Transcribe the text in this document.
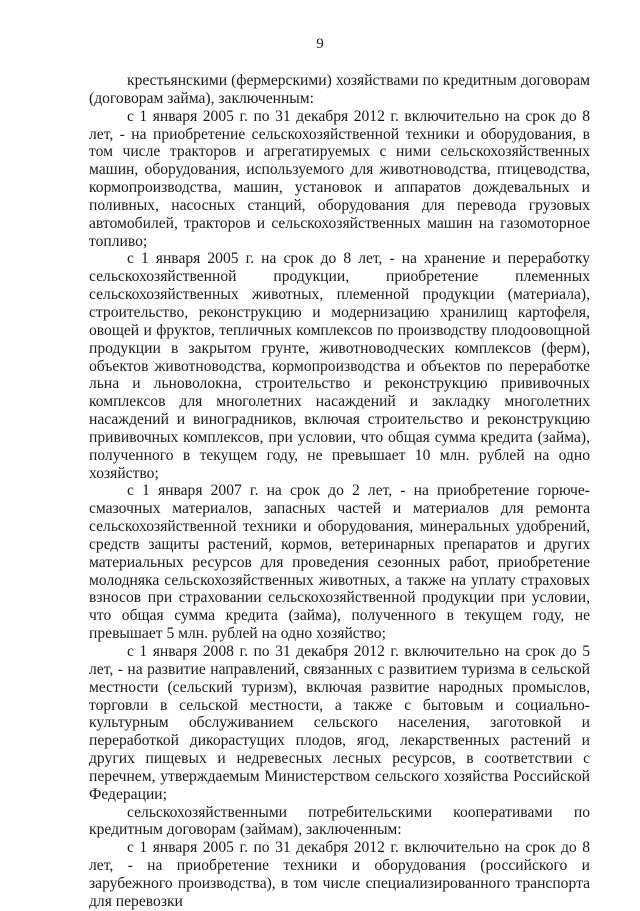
9

крестьянскими (фермерскими) хозяйствами по кредитным договорам (договорам займа), заключенным:

с 1 января 2005 г. по 31 декабря 2012 г. включительно на срок до 8 лет, - на приобретение сельскохозяйственной техники и оборудования, в том числе тракторов и агрегатируемых с ними сельскохозяйственных машин, оборудования, используемого для животноводства, птицеводства, кормопроизводства, машин, установок и аппаратов дождевальных и поливных, насосных станций, оборудования для перевода грузовых автомобилей, тракторов и сельскохозяйственных машин на газомоторное топливо;

с 1 января 2005 г. на срок до 8 лет, - на хранение и переработку сельскохозяйственной продукции, приобретение племенных сельскохозяйственных животных, племенной продукции (материала), строительство, реконструкцию и модернизацию хранилищ картофеля, овощей и фруктов, тепличных комплексов по производству плодоовощной продукции в закрытом грунте, животноводческих комплексов (ферм), объектов животноводства, кормопроизводства и объектов по переработке льна и льноволокна, строительство и реконструкцию прививочных комплексов для многолетних насаждений и закладку многолетних насаждений и виноградников, включая строительство и реконструкцию прививочных комплексов, при условии, что общая сумма кредита (займа), полученного в текущем году, не превышает 10 млн. рублей на одно хозяйство;

с 1 января 2007 г. на срок до 2 лет, - на приобретение горюче-смазочных материалов, запасных частей и материалов для ремонта сельскохозяйственной техники и оборудования, минеральных удобрений, средств защиты растений, кормов, ветеринарных препаратов и других материальных ресурсов для проведения сезонных работ, приобретение молодняка сельскохозяйственных животных, а также на уплату страховых взносов при страховании сельскохозяйственной продукции при условии, что общая сумма кредита (займа), полученного в текущем году, не превышает 5 млн. рублей на одно хозяйство;

с 1 января 2008 г. по 31 декабря 2012 г. включительно на срок до 5 лет, - на развитие направлений, связанных с развитием туризма в сельской местности (сельский туризм), включая развитие народных промыслов, торговли в сельской местности, а также с бытовым и социально-культурным обслуживанием сельского населения, заготовкой и переработкой дикорастущих плодов, ягод, лекарственных растений и других пищевых и недревесных лесных ресурсов, в соответствии с перечнем, утверждаемым Министерством сельского хозяйства Российской Федерации;

сельскохозяйственными потребительскими кооперативами по кредитным договорам (займам), заключенным:

с 1 января 2005 г. по 31 декабря 2012 г. включительно на срок до 8 лет, - на приобретение техники и оборудования (российского и зарубежного производства), в том числе специализированного транспорта для перевозки
